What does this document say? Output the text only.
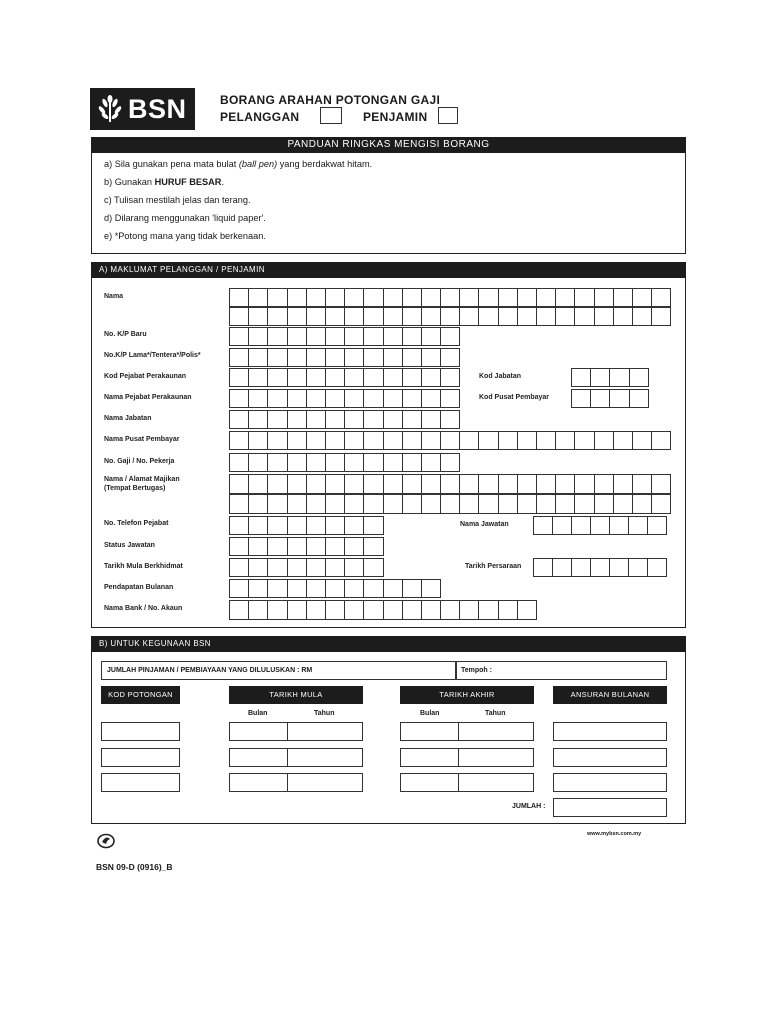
BSN	BORANG ARAHAN POTONGAN GAJI
PELANGGAN	PENJAMIN
PANDUAN RINGKAS MENGISI BORANG
a) Sila gunakan pena mata bulat (ball pen) yang berdakwat hitam.
b) Gunakan HURUF BESAR.
c) Tulisan mestilah jelas dan terang.
d) Dilarang menggunakan 'liquid paper'.
e) *Potong mana yang tidak berkenaan.
A) MAKLUMAT PELANGGAN / PENJAMIN
Nama
No. K/P Baru
No.K/P Lama*/Tentera*/Polis*
Kod Pejabat Perakaunan	Kod Jabatan
Nama Pejabat Perakaunan	Kod Pusat Pembayar
Nama Jabatan
Nama Pusat Pembayar
No. Gaji / No. Pekerja
Nama / Alamat Majikan
(Tempat Bertugas)
No. Telefon Pejabat	Nama Jawatan
Status Jawatan
Tarikh Mula Berkhidmat	Tarikh Persaraan
Pendapatan Bulanan
Nama Bank / No. Akaun
B) UNTUK KEGUNAAN BSN
JUMLAH PINJAMAN / PEMBIAYAAN YANG DILULUSKAN : RM	Tempoh :
KOD POTONGAN	TARIKH MULA	TARIKH AKHIR	ANSURAN BULANAN
Bulan	Tahun	Bulan	Tahun
JUMLAH :
www.mybsn.com.my
BSN 09-D (0916)_B
